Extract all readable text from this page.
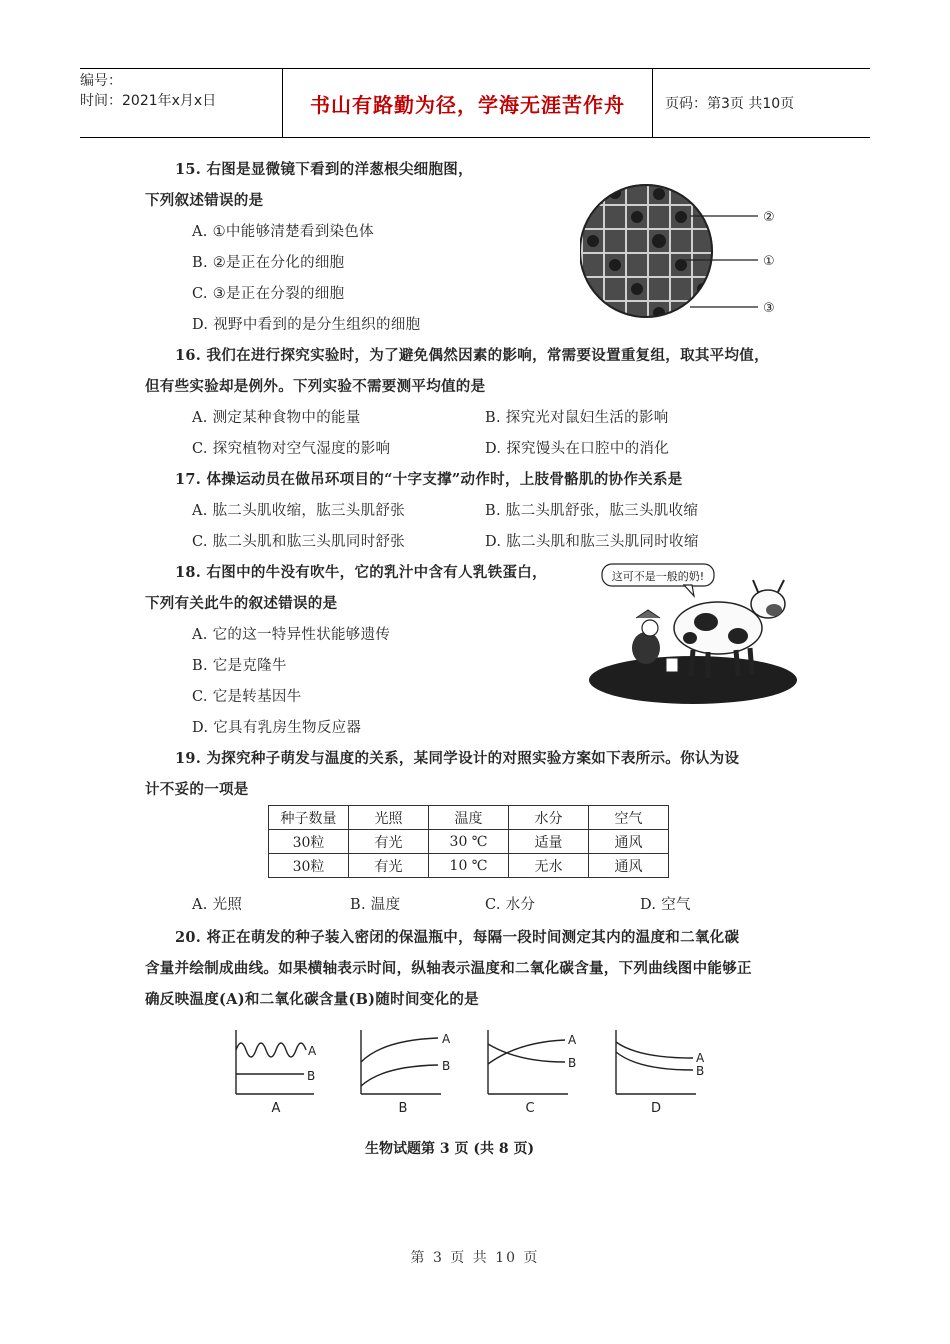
编号：
时间：2021年x月x日	书山有路勤为径，学海无涯苦作舟	页码：第3页 共10页
15. 右图是显微镜下看到的洋葱根尖细胞图，
下列叙述错误的是
A. ①中能够清楚看到染色体
B. ②是正在分化的细胞
C. ③是正在分裂的细胞
D. 视野中看到的是分生组织的细胞
②
①
③
16. 我们在进行探究实验时，为了避免偶然因素的影响，常需要设置重复组，取其平均值，
但有些实验却是例外。下列实验不需要测平均值的是
A. 测定某种食物中的能量	B. 探究光对鼠妇生活的影响
C. 探究植物对空气湿度的影响	D. 探究馒头在口腔中的消化
17. 体操运动员在做吊环项目的“十字支撑”动作时，上肢骨骼肌的协作关系是
A. 肱二头肌收缩，肱三头肌舒张	B. 肱二头肌舒张，肱三头肌收缩
C. 肱二头肌和肱三头肌同时舒张	D. 肱二头肌和肱三头肌同时收缩
18. 右图中的牛没有吹牛，它的乳汁中含有人乳铁蛋白，
下列有关此牛的叙述错误的是
A. 它的这一特异性状能够遗传
B. 它是克隆牛
C. 它是转基因牛
D. 它具有乳房生物反应器
这可不是一般的奶!
19. 为探究种子萌发与温度的关系，某同学设计的对照实验方案如下表所示。你认为设
计不妥的一项是
种子数量	光照	温度	水分	空气
30粒	有光	30 ℃	适量	通风
30粒	有光	10 ℃	无水	通风
A. 光照	B. 温度	C. 水分	D. 空气
20. 将正在萌发的种子装入密闭的保温瓶中，每隔一段时间测定其内的温度和二氧化碳
含量并绘制成曲线。如果横轴表示时间，纵轴表示温度和二氧化碳含量，下列曲线图中能够正
确反映温度(A)和二氧化碳含量(B)随时间变化的是
A
B
A
B
A
B	A
B
A	B	C	D
生物试题第 3 页 (共 8 页)
第 3 页 共 10 页
